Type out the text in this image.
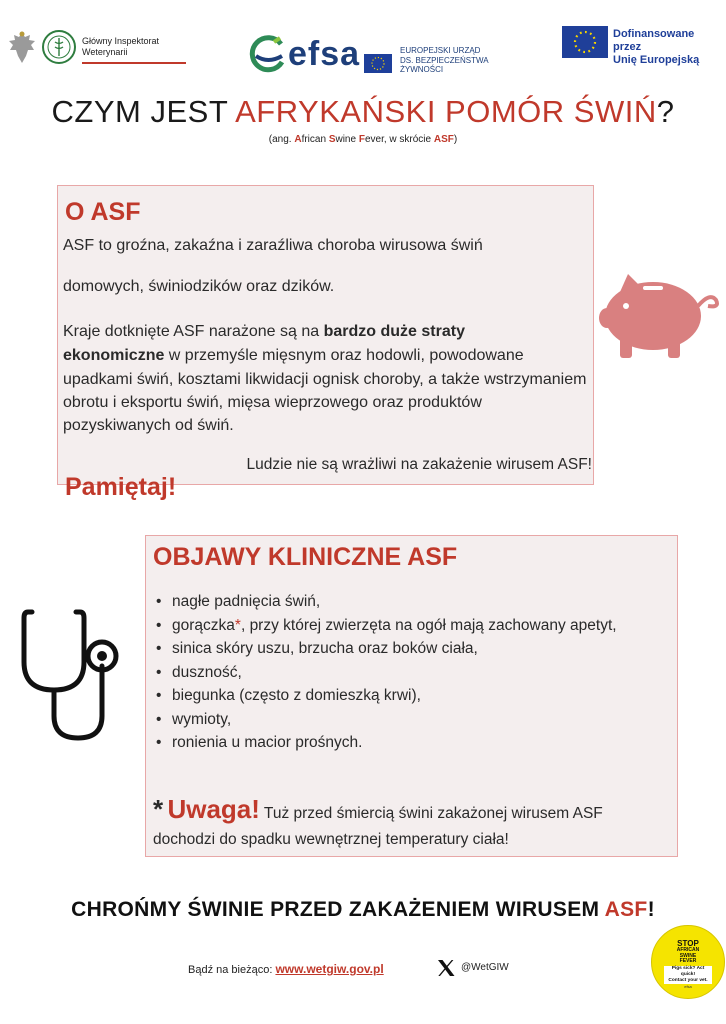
Główny Inspektorat
Weterynarii	efsa	EUROPEJSKI URZĄD
DS. BEZPIECZEŃSTWA
ŻYWNOŚCI
Dofinansowane przez
Unię Europejską
CZYM JEST AFRYKAŃSKI POMÓR ŚWIŃ?
(ang. African Swine Fever, w skrócie ASF)
O ASF
ASF to groźna, zakaźna i zaraźliwa choroba wirusowa świń
domowych, świniodzików oraz dzików.
Kraje dotknięte ASF narażone są na bardzo duże straty
ekonomiczne w przemyśle mięsnym oraz hodowli, powodowane upadkami świń, kosztami likwidacji ognisk choroby, a także wstrzymaniem obrotu i eksportu świń, mięsa wieprzowego oraz produktów pozyskiwanych od świń.
Ludzie nie są wrażliwi na zakażenie wirusem ASF!
Pamiętaj!
OBJAWY KLINICZNE ASF
• nagłe padnięcia świń,
• gorączka*, przy której zwierzęta na ogół mają zachowany apetyt,
• sinica skóry uszu, brzucha oraz boków ciała,
• duszność,
• biegunka (często z domieszką krwi),
• wymioty,
• ronienia u macior prośnych.
* Uwaga! Tuż przed śmiercią świni zakażonej wirusem ASF
dochodzi do spadku wewnętrznej temperatury ciała!
CHROŃMY ŚWINIE PRZED ZAKAŻENIEM WIRUSEM ASF!
Bądź na bieżąco: www.wetgiw.gov.pl	@WetGIW
STOP
AFRICAN
SWINE
FEVER
Pigs sick? Act quick!
Contact your vet.
efsa
